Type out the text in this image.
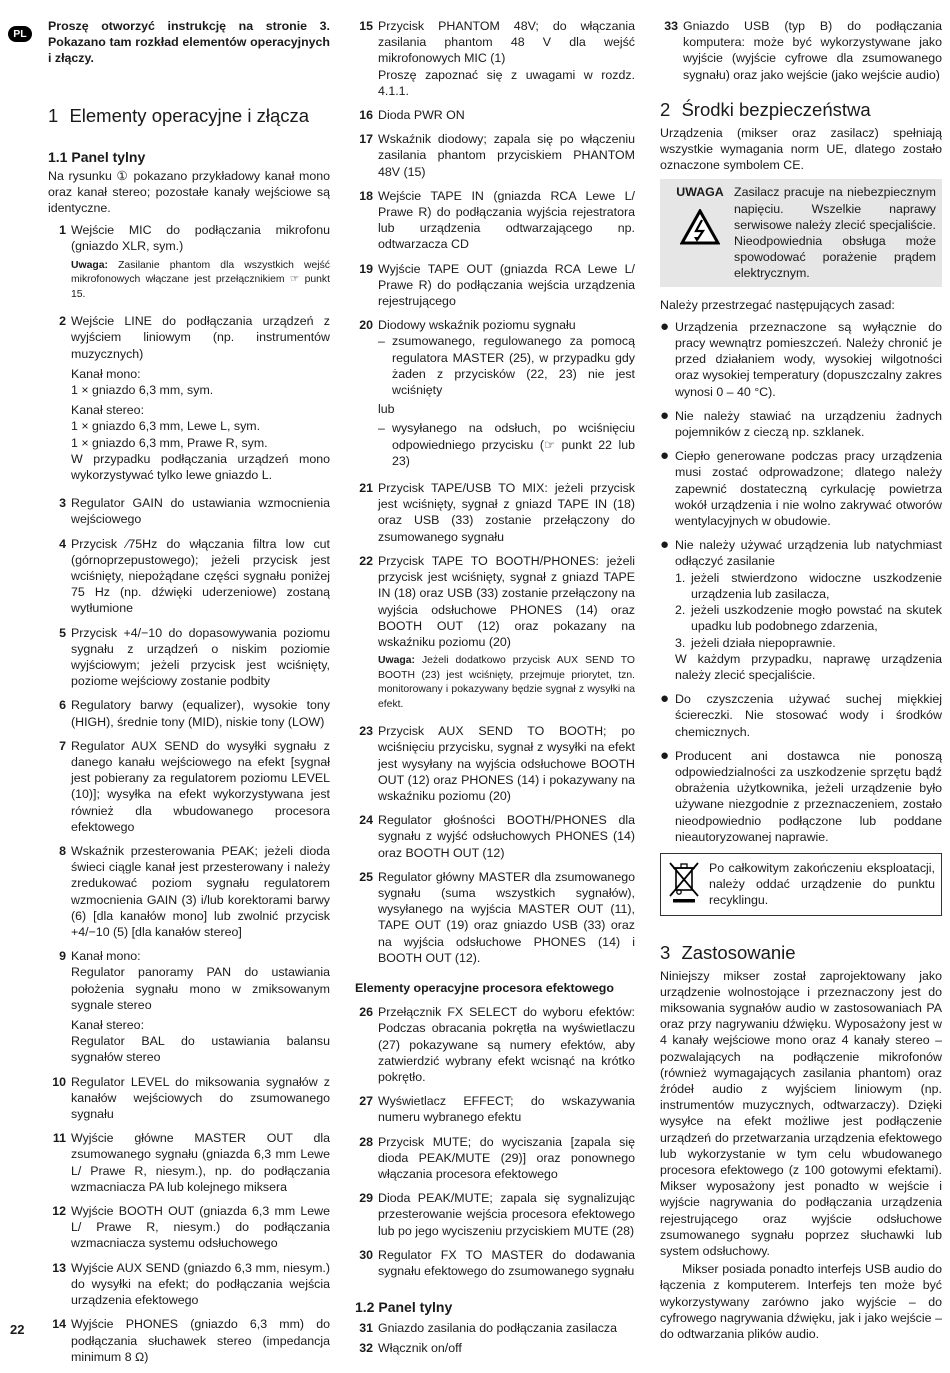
PL

Proszę otworzyć instrukcję na stronie 3. Pokazano tam rozkład elementów operacyjnych i złączy.

1 Elementy operacyjne i złącza
1.1 Panel tylny

Na rysunku ① pokazano przykładowy kanał mono oraz kanał stereo; pozostałe kanały wejściowe są identyczne.

1 Wejście MIC do podłączania mikrofonu (gniazdo XLR, sym.)

Uwaga: Zasilanie phantom dla wszystkich wejść mikrofonowych włączane jest przełącznikiem ☞ punkt 15.

2 Wejście LINE do podłączania urządzeń z wyjściem liniowym (np. instrumentów muzycznych)

Kanał mono:

1 × gniazdo 6,3 mm, sym.

Kanał stereo:
1 × gniazdo 6,3 mm, Lewe L, sym.
1 × gniazdo 6,3 mm, Prawe R, sym.

W przypadku podłączania urządzeń mono wykorzystywać tylko lewe gniazdo L.

3 Regulator GAIN do ustawiania wzmocnienia wejściowego
4 Przycisk ⁄75Hz do włączania filtra low cut (górnoprzepustowego); jeżeli przycisk jest wciśnięty, niepożądane części sygnału poniżej 75 Hz (np. dźwięki uderzeniowe) zostaną wytłumione
5 Przycisk +4/−10 do dopasowywania poziomu sygnału z urządzeń o niskim poziomie wyjściowym; jeżeli przycisk jest wciśnięty, poziome wejściowy zostanie podbity
6 Regulatory barwy (equalizer), wysokie tony (HIGH), średnie tony (MID), niskie tony (LOW)
7 Regulator AUX SEND do wysyłki sygnału z danego kanału wejściowego na efekt [sygnał jest pobierany za regulatorem poziomu LEVEL (10)]; wysyłka na efekt wykorzystywana jest również dla wbudowanego procesora efektowego
8 Wskaźnik przesterowania PEAK; jeżeli dioda świeci ciągle kanał jest przesterowany i należy zredukować poziom sygnału regulatorem wzmocnienia GAIN (3) i/lub korektorami barwy (6) [dla kanałów mono] lub zwolnić przycisk +4/−10 (5) [dla kanałów stereo]
9 Kanał mono:

Regulator panoramy PAN do ustawiania położenia sygnału mono w zmiksowanym sygnale stereo

Kanał stereo:
Regulator BAL do ustawiania balansu sygnałów stereo
10 Regulator LEVEL do miksowania sygnałów z kanałów wejściowych do zsumowanego sygnału
11 Wyjście główne MASTER OUT dla zsumowanego sygnału (gniazda 6,3 mm Lewe L/ Prawe R, niesym.), np. do podłączania wzmacniacza PA lub kolejnego miksera
12 Wyjście BOOTH OUT (gniazda 6,3 mm Lewe L/ Prawe R, niesym.) do podłączania wzmacniacza systemu odsłuchowego
13 Wyjście AUX SEND (gniazdo 6,3 mm, niesym.) do wysyłki na efekt; do podłączania wejścia urządzenia efektowego
14 Wyjście PHONES (gniazdo 6,3 mm) do podłączania słuchawek stereo (impedancja minimum 8 Ω)
15 Przycisk PHANTOM 48V; do włączania zasilania phantom 48 V dla wejść mikrofonowych MIC (1)
Proszę zapoznać się z uwagami w rozdz. 4.1.1.
16 Dioda PWR ON
17 Wskaźnik diodowy; zapala się po włączeniu zasilania phantom przyciskiem PHANTOM 48V (15)
18 Wejście TAPE IN (gniazda RCA Lewe L/ Prawe R) do podłączania wyjścia rejestratora lub urządzenia odtwarzającego np. odtwarzacza CD
19 Wyjście TAPE OUT (gniazda RCA Lewe L/ Prawe R) do podłączania wejścia urządzenia rejestrującego
20 Diodowy wskaźnik poziomu sygnału
– zsumowanego, regulowanego za pomocą regulatora MASTER (25), w przypadku gdy żaden z przycisków (22, 23) nie jest wciśnięty
lub
– wysyłanego na odsłuch, po wciśnięciu odpowiedniego przycisku (☞ punkt 22 lub 23)
21 Przycisk TAPE/USB TO MIX: jeżeli przycisk jest wciśnięty, sygnał z gniazd TAPE IN (18) oraz USB (33) zostanie przełączony do zsumowanego sygnału
22 Przycisk TAPE TO BOOTH/PHONES: jeżeli przycisk jest wciśnięty, sygnał z gniazd TAPE IN (18) oraz USB (33) zostanie przełączony na wyjścia odsłuchowe PHONES (14) oraz BOOTH OUT (12) oraz pokazany na wskaźniku poziomu (20)

Uwaga: Jeżeli dodatkowo przycisk AUX SEND TO BOOTH (23) jest wciśnięty, przejmuje priorytet, tzn. monitorowany i pokazywany będzie sygnał z wysyłki na efekt.

23 Przycisk AUX SEND TO BOOTH; po wciśnięciu przycisku, sygnał z wysyłki na efekt jest wysyłany na wyjścia odsłuchowe BOOTH OUT (12) oraz PHONES (14) i pokazywany na wskaźniku poziomu (20)
24 Regulator głośności BOOTH/PHONES dla sygnału z wyjść odsłuchowych PHONES (14) oraz BOOTH OUT (12)
25 Regulator główny MASTER dla zsumowanego sygnału (suma wszystkich sygnałów), wysyłanego na wyjścia MASTER OUT (11), TAPE OUT (19) oraz gniazdo USB (33) oraz na wyjścia odsłuchowe PHONES (14) i BOOTH OUT (12).
Elementy operacyjne procesora efektowego
26 Przełącznik FX SELECT do wyboru efektów: Podczas obracania pokrętła na wyświetlaczu (27) pokazywane są numery efektów, aby zatwierdzić wybrany efekt wcisnąć na krótko pokrętło.
27 Wyświetlacz EFFECT; do wskazywania numeru wybranego efektu
28 Przycisk MUTE; do wyciszania [zapala się dioda PEAK/MUTE (29)] oraz ponownego włączania procesora efektowego
29 Dioda PEAK/MUTE; zapala się sygnalizując przesterowanie wejścia procesora efektowego lub po jego wyciszeniu przyciskiem MUTE (28)
30 Regulator FX TO MASTER do dodawania sygnału efektowego do zsumowanego sygnału
1.2 Panel tylny
31 Gniazdo zasilania do podłączania zasilacza
32 Włącznik on/off
33 Gniazdo USB (typ B) do podłączania komputera: może być wykorzystywane jako wyjście (wyjście cyfrowe dla zsumowanego sygnału) oraz jako wejście (jako wejście audio)
2 Środki bezpieczeństwa

Urządzenia (mikser oraz zasilacz) spełniają wszystkie wymagania norm UE, dlatego zostało oznaczone symbolem CE.

UWAGA Zasilacz pracuje na niebezpiecznym napięciu. Wszelkie naprawy serwisowe należy zlecić specjaliście. Nieodpowiednia obsługa może spowodować porażenie prądem elektrycznym.

Należy przestrzegać następujących zasad:

● Urządzenia przeznaczone są wyłącznie do pracy wewnątrz pomieszczeń. Należy chronić je przed działaniem wody, wysokiej wilgotności oraz wysokiej temperatury (dopuszczalny zakres wynosi 0 – 40 °C).
● Nie należy stawiać na urządzeniu żadnych pojemników z cieczą np. szklanek.
● Ciepło generowane podczas pracy urządzenia musi zostać odprowadzone; dlatego należy zapewnić dostateczną cyrkulację powietrza wokół urządzenia i nie wolno zakrywać otworów wentylacyjnych w obudowie.
● Nie należy używać urządzenia lub natychmiast odłączyć zasilanie
1. jeżeli stwierdzono widoczne uszkodzenie urządzenia lub zasilacza,
2. jeżeli uszkodzenie mogło powstać na skutek upadku lub podobnego zdarzenia,
3. jeżeli działa niepoprawnie.
W każdym przypadku, naprawę urządzenia należy zlecić specjaliście.
● Do czyszczenia używać suchej miękkiej ściereczki. Nie stosować wody i środków chemicznych.
● Producent ani dostawca nie ponoszą odpowiedzialności za uszkodzenie sprzętu bądź obrażenia użytkownika, jeżeli urządzenie było używane niezgodnie z przeznaczeniem, zostało nieodpowiednio podłączone lub poddane nieautoryzowanej naprawie.
Po całkowitym zakończeniu eksploatacji, należy oddać urządzenie do punktu recyklingu.
3 Zastosowanie

Niniejszy mikser został zaprojektowany jako urządzenie wolnostojące i przeznaczony jest do miksowania sygnałów audio w zastosowaniach PA oraz przy nagrywaniu dźwięku. Wyposażony jest w 4 kanały wejściowe mono oraz 4 kanały stereo – pozwalających na podłączenie mikrofonów (również wymagających zasilania phantom) oraz źródeł audio z wyjściem liniowym (np. instrumentów muzycznych, odtwarzaczy). Dzięki wysyłce na efekt możliwe jest podłączenie urządzeń do przetwarzania urządzenia efektowego lub wykorzystanie w tym celu wbudowanego procesora efektowego (z 100 gotowymi efektami). Mikser wyposażony jest ponadto w wejście i wyjście nagrywania do podłączania urządzenia rejestrującego oraz wyjście odsłuchowe zsumowanego sygnału poprzez słuchawki lub system odsłuchowy.

Mikser posiada ponadto interfejs USB audio do łączenia z komputerem. Interfejs ten może być wykorzystywany zarówno jako wyjście – do cyfrowego nagrywania dźwięku, jak i jako wejście – do odtwarzania plików audio.

22
